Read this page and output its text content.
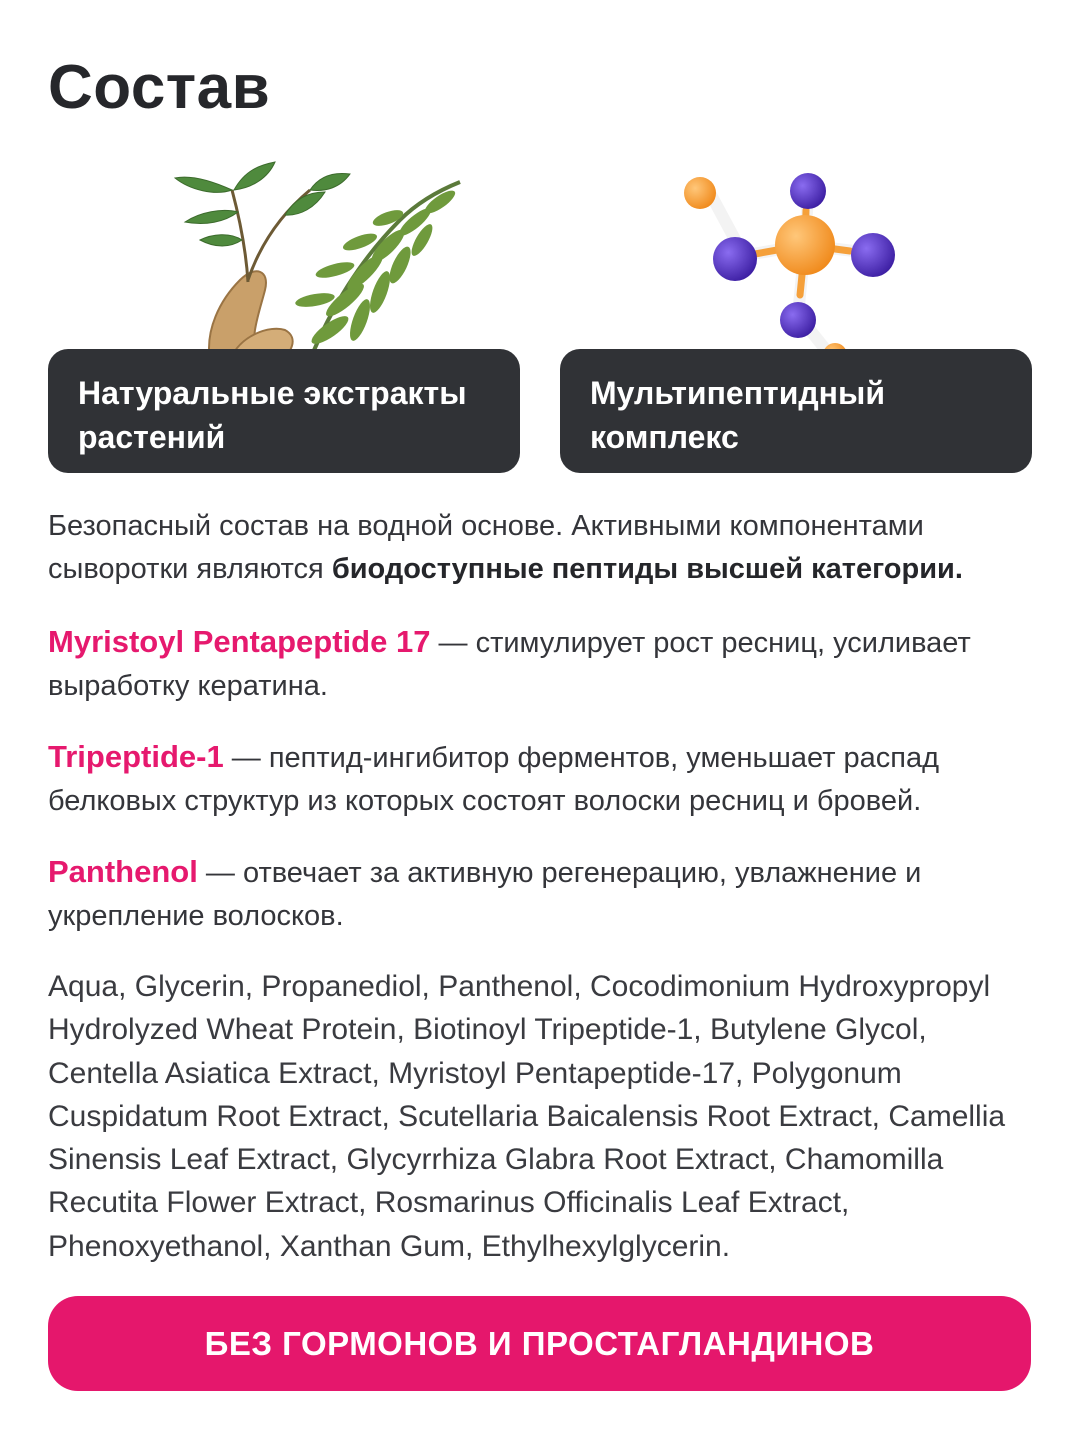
Состав
Натуральные экстракты растений
Мультипептидный комплекс
Безопасный состав на водной основе. Активными компонентами сыворотки являются биодоступные пептиды высшей категории.
Myristoyl Pentapeptide 17 — стимулирует рост ресниц, усиливает выработку кератина.
Tripeptide-1 — пептид-ингибитор ферментов, уменьшает распад белковых структур из которых состоят волоски ресниц и бровей.
Panthenol — отвечает за активную регенерацию, увлажнение и укрепление волосков.
Aqua, Glycerin, Propanediol, Panthenol, Cocodimonium Hydroxypropyl Hydrolyzed Wheat Protein, Biotinoyl Tripeptide-1, Butylene Glycol, Centella Asiatica Extract, Myristoyl Pentapeptide-17, Polygonum Cuspidatum Root Extract, Scutellaria Baicalensis Root Extract, Camellia Sinensis Leaf Extract, Glycyrrhiza Glabra Root Extract, Chamomilla Recutita Flower Extract, Rosmarinus Officinalis Leaf Extract, Phenoxyethanol, Xanthan Gum, Ethylhexylglycerin.
БЕЗ ГОРМОНОВ И ПРОСТАГЛАНДИНОВ
